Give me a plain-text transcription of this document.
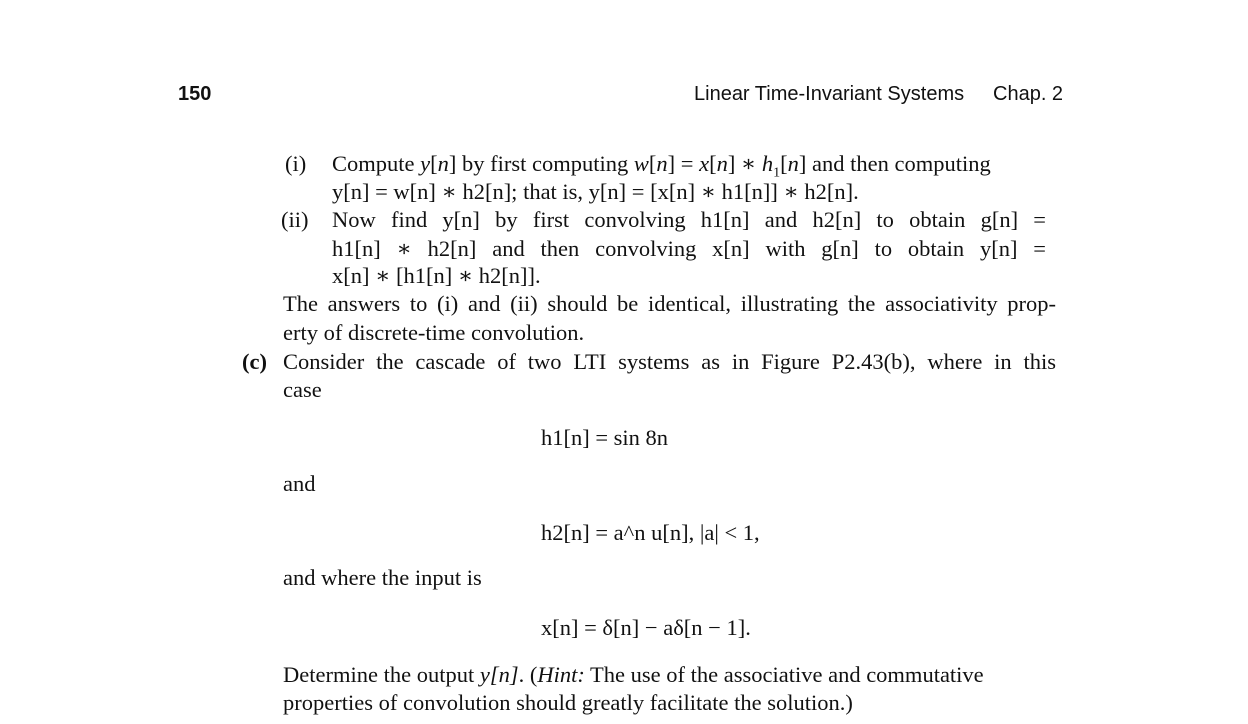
150	Linear Time-Invariant Systems Chap. 2
(i) Compute y[n] by first computing w[n] = x[n] ∗ $h_1[n]$ and then computing
y[n] = w[n] ∗ h2[n]; that is, y[n] = [x[n] ∗ h1[n]] ∗ h2[n].
(ii) Now find y[n] by first convolving h1[n] and h2[n] to obtain g[n] =
h1[n] ∗ h2[n] and then convolving x[n] with g[n] to obtain y[n] =
x[n] ∗ [h1[n] ∗ h2[n]].
The answers to (i) and (ii) should be identical, illustrating the associativity prop-
erty of discrete-time convolution.
(c) Consider the cascade of two LTI systems as in Figure P2.43(b), where in this
case
h1[n] = sin 8n
and
h2[n] = a^n u[n], |a| < 1,
and where the input is
x[n] = δ[n] − aδ[n − 1].
Determine the output y[n]. (Hint: The use of the associative and commutative
properties of convolution should greatly facilitate the solution.)
